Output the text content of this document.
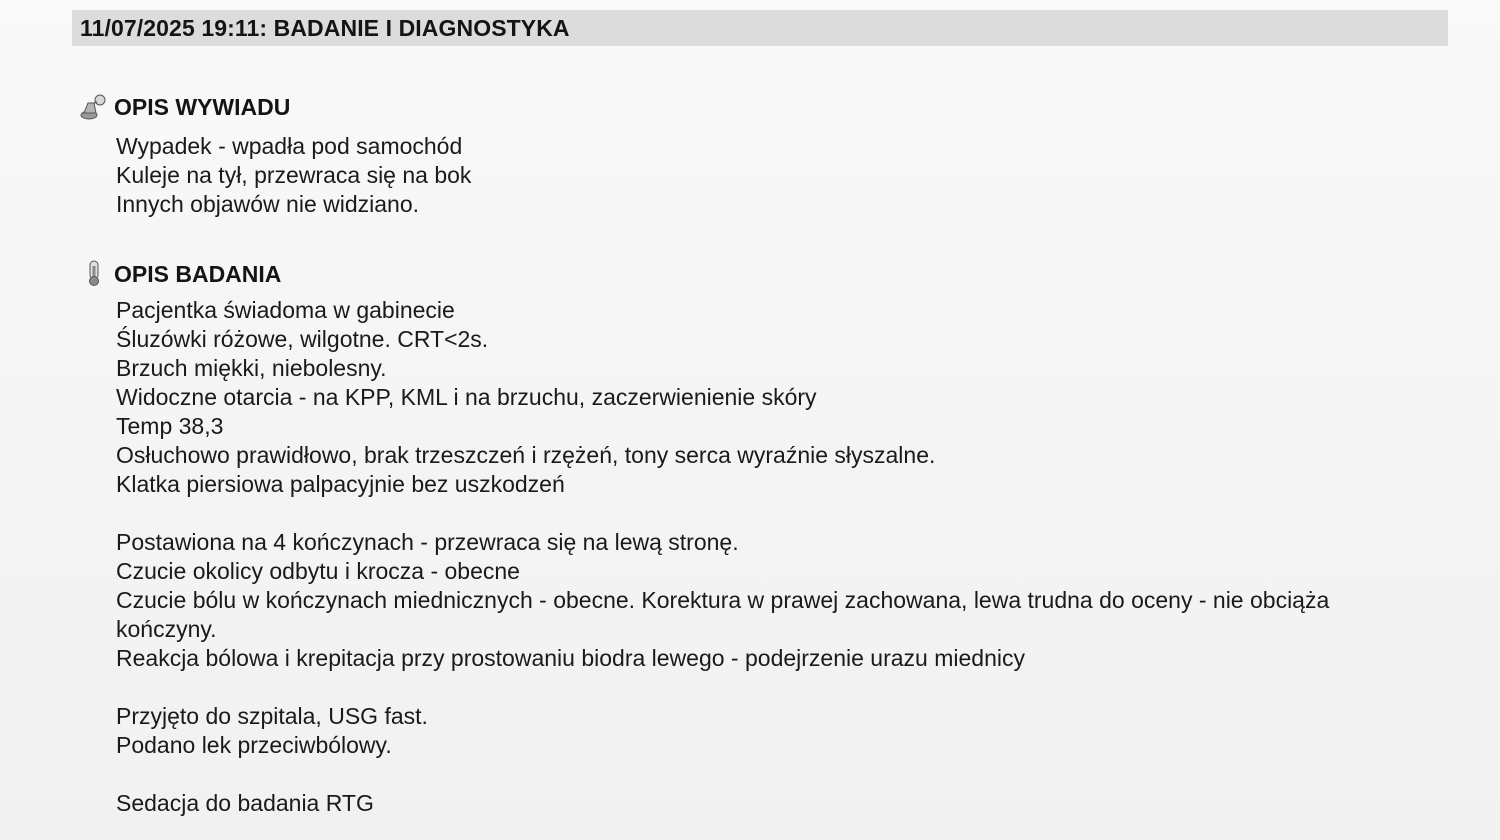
11/07/2025 19:11: BADANIE I DIAGNOSTYKA
OPIS WYWIADU
Wypadek - wpadła pod samochód
Kuleje na tył, przewraca się na bok
Innych objawów nie widziano.
OPIS BADANIA
Pacjentka świadoma w gabinecie
Śluzówki różowe, wilgotne. CRT<2s.
Brzuch miękki, niebolesny.
Widoczne otarcia - na KPP, KML i na brzuchu, zaczerwienienie skóry
Temp 38,3
Osłuchowo prawidłowo, brak trzeszczeń i rzężeń, tony serca wyraźnie słyszalne.
Klatka piersiowa palpacyjnie bez uszkodzeń
Postawiona na 4 kończynach - przewraca się na lewą stronę.
Czucie okolicy odbytu i krocza - obecne
Czucie bólu w kończynach miednicznych - obecne. Korektura w prawej zachowana, lewa trudna do oceny - nie obciąża kończyny.
Reakcja bólowa i krepitacja przy prostowaniu biodra lewego - podejrzenie urazu miednicy
Przyjęto do szpitala, USG fast.
Podano lek przeciwbólowy.
Sedacja do badania RTG
